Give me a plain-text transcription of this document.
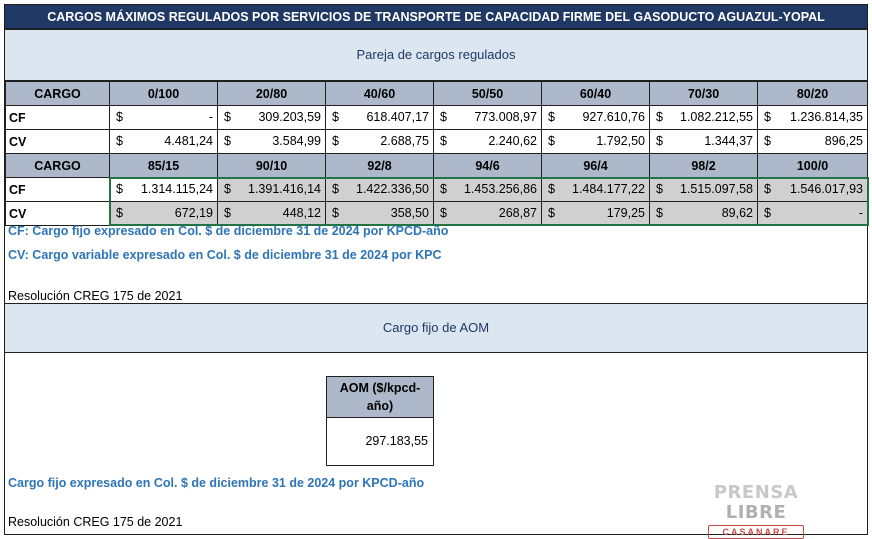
CARGOS MÁXIMOS REGULADOS POR SERVICIOS DE TRANSPORTE DE CAPACIDAD FIRME DEL GASODUCTO AGUAZUL-YOPAL
Pareja de cargos regulados
CARGO	0/100	20/80	40/60	50/50	60/40	70/30	80/20
CF	$ -	$ 309.203,59	$ 618.407,17	$ 773.008,97	$ 927.610,76	$ 1.082.212,55	$ 1.236.814,35
CV	$ 4.481,24	$ 3.584,99	$ 2.688,75	$ 2.240,62	$ 1.792,50	$ 1.344,37	$ 896,25
CARGO	85/15	90/10	92/8	94/6	96/4	98/2	100/0
CF	$ 1.314.115,24	$ 1.391.416,14	$ 1.422.336,50	$ 1.453.256,86	$ 1.484.177,22	$ 1.515.097,58	$ 1.546.017,93
CV	$ 672,19	$ 448,12	$ 358,50	$ 268,87	$ 179,25	$ 89,62	$ -
CF: Cargo fijo expresado en Col. $ de diciembre 31 de 2024 por KPCD-año
CV: Cargo variable expresado en Col. $ de diciembre 31 de 2024 por KPC
Resolución CREG 175 de 2021
Cargo fijo de AOM
AOM ($/kpcd-
año)
297.183,55
Cargo fijo expresado en Col. $ de diciembre 31 de 2024 por KPCD-año
Resolución CREG 175 de 2021
PRENSA LIBRE
CASANARE
